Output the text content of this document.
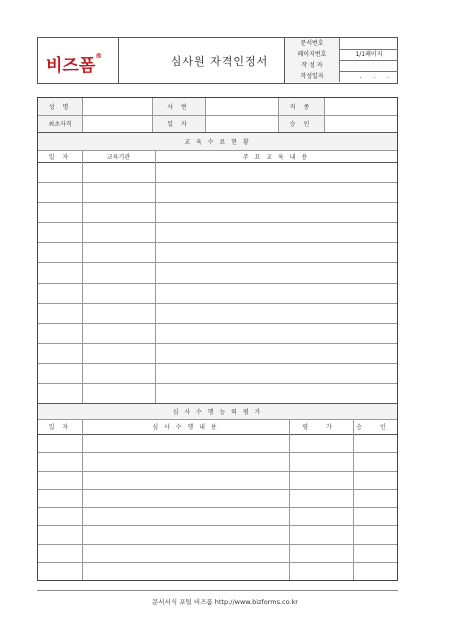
비즈폼®	심사원 자격인정서
문서번호
페이지번호	1/1페이지
작 성 자
작성일자	. . .
성 명	사 번	직 종
최초자격	일 자	승 인
교 육 수 료 현 황
일 자	교육기관	주 요 교 육 내 용
심 사 수 행 능 력 평 가
일 자	심 사 수 행 내 용	평 가	승 인
문서서식 포털 비즈폼 http://www.bizforms.co.kr
